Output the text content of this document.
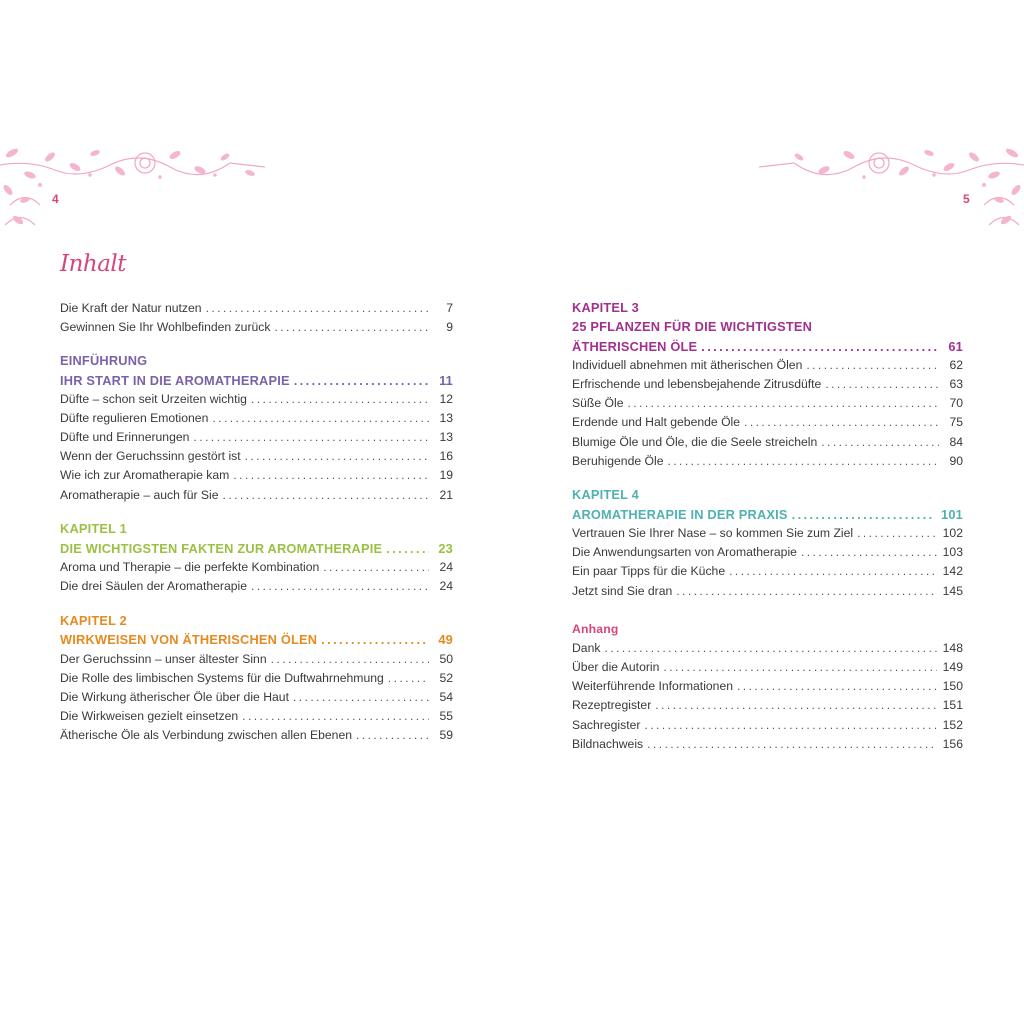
4	5
Inhalt
Die Kraft der Natur nutzen .....	7
Gewinnen Sie Ihr Wohlbefinden zurück .....	9
EINFÜHRUNG
IHR START IN DIE AROMATHERAPIE .....	11
Düfte – schon seit Urzeiten wichtig .....	12
Düfte regulieren Emotionen .....	13
Düfte und Erinnerungen .....	13
Wenn der Geruchssinn gestört ist .....	16
Wie ich zur Aromatherapie kam .....	19
Aromatherapie – auch für Sie .....	21
KAPITEL 1
DIE WICHTIGSTEN FAKTEN ZUR AROMATHERAPIE .....	23
Aroma und Therapie – die perfekte Kombination .....	24
Die drei Säulen der Aromatherapie .....	24
KAPITEL 2
WIRKWEISEN VON ÄTHERISCHEN ÖLEN .....	49
Der Geruchssinn – unser ältester Sinn .....	50
Die Rolle des limbischen Systems für die Duftwahrnehmung .....	52
Die Wirkung ätherischer Öle über die Haut .....	54
Die Wirkweisen gezielt einsetzen .....	55
Ätherische Öle als Verbindung zwischen allen Ebenen .....	59
KAPITEL 3
25 PFLANZEN FÜR DIE WICHTIGSTEN
ÄTHERISCHEN ÖLE .....	61
Individuell abnehmen mit ätherischen Ölen .....	62
Erfrischende und lebensbejahende Zitrusdüfte .....	63
Süße Öle .....	70
Erdende und Halt gebende Öle .....	75
Blumige Öle und Öle, die die Seele streicheln .....	84
Beruhigende Öle .....	90
KAPITEL 4
AROMATHERAPIE IN DER PRAXIS .....	101
Vertrauen Sie Ihrer Nase – so kommen Sie zum Ziel .....	102
Die Anwendungsarten von Aromatherapie .....	103
Ein paar Tipps für die Küche .....	142
Jetzt sind Sie dran .....	145
Anhang
Dank .....	148
Über die Autorin .....	149
Weiterführende Informationen .....	150
Rezeptregister .....	151
Sachregister .....	152
Bildnachweis .....	156
